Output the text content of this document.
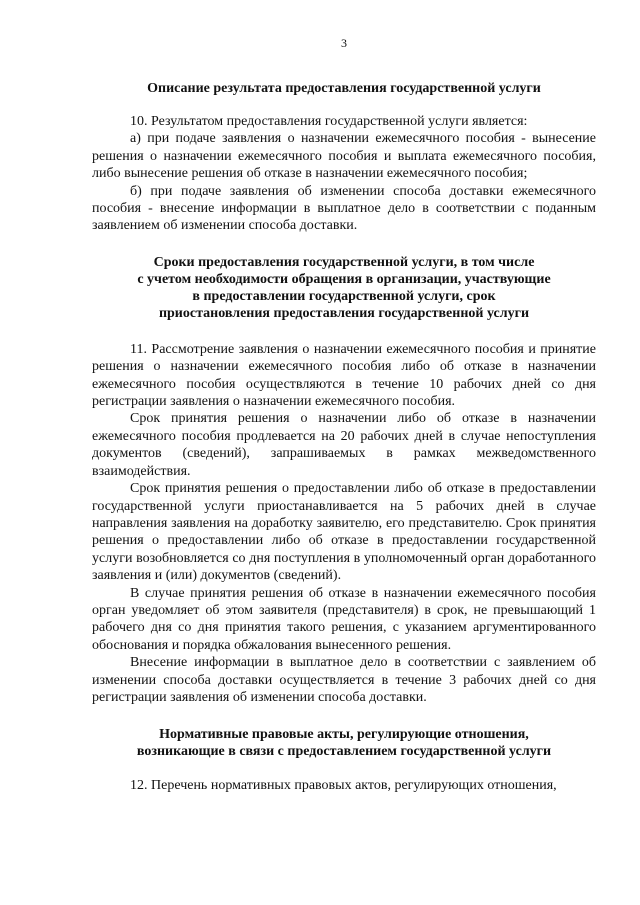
3
Описание результата предоставления государственной услуги

10. Результатом предоставления государственной услуги является:

а) при подаче заявления о назначении ежемесячного пособия - вынесение решения о назначении ежемесячного пособия и выплата ежемесячного пособия, либо вынесение решения об отказе в назначении ежемесячного пособия;

б) при подаче заявления об изменении способа доставки ежемесячного пособия - внесение информации в выплатное дело в соответствии с поданным заявлением об изменении способа доставки.

Сроки предоставления государственной услуги, в том числе
с учетом необходимости обращения в организации, участвующие
в предоставлении государственной услуги, срок
приостановления предоставления государственной услуги

11. Рассмотрение заявления о назначении ежемесячного пособия и принятие решения о назначении ежемесячного пособия либо об отказе в назначении ежемесячного пособия осуществляются в течение 10 рабочих дней со дня регистрации заявления о назначении ежемесячного пособия.

Срок принятия решения о назначении либо об отказе в назначении ежемесячного пособия продлевается на 20 рабочих дней в случае непоступления документов (сведений), запрашиваемых в рамках межведомственного взаимодействия.

Срок принятия решения о предоставлении либо об отказе в предоставлении государственной услуги приостанавливается на 5 рабочих дней в случае направления заявления на доработку заявителю, его представителю. Срок принятия решения о предоставлении либо об отказе в предоставлении государственной услуги возобновляется со дня поступления в уполномоченный орган доработанного заявления и (или) документов (сведений).

В случае принятия решения об отказе в назначении ежемесячного пособия орган уведомляет об этом заявителя (представителя) в срок, не превышающий 1 рабочего дня со дня принятия такого решения, с указанием аргументированного обоснования и порядка обжалования вынесенного решения.

Внесение информации в выплатное дело в соответствии с заявлением об изменении способа доставки осуществляется в течение 3 рабочих дней со дня регистрации заявления об изменении способа доставки.

Нормативные правовые акты, регулирующие отношения,
возникающие в связи с предоставлением государственной услуги

12. Перечень нормативных правовых актов, регулирующих отношения,
